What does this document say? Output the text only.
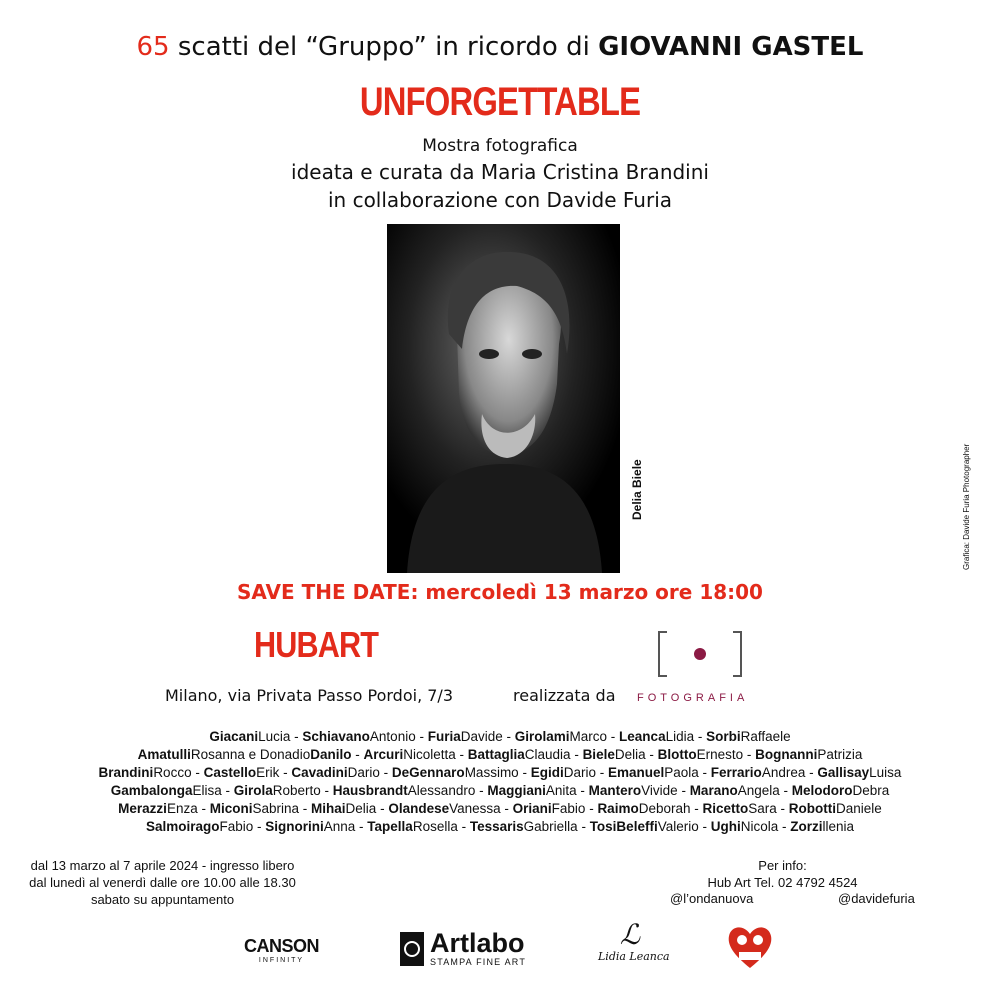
65 scatti del “Gruppo” in ricordo di GIOVANNI GASTEL
UNFORGETTABLE
Mostra fotografica
ideata e curata da Maria Cristina Brandini
in collaborazione con Davide Furia
Delia Biele	Grafica: Davide Furia Photographer
SAVE THE DATE: mercoledì 13 marzo ore 18:00
HUBART
Milano, via Privata Passo Pordoi, 7/3	realizzata da FOTOGRAFIA
GiacaniLucia - SchiavanoAntonio - FuriaDavide - GirolamiMarco - LeancaLidia - SorbiRaffaele
AmatulliRosanna e DonadioDanilo - ArcuriNicoletta - BattagliaClaudia - BieleDelia - BlottoErnesto - BognanniPatrizia
BrandiniRocco - CastelloErik - CavadiniDario - DeGennaroMassimo - EgidiDario - EmanuelPaola - FerrarioAndrea - GallisayLuisa
GambalongaElisa - GirolaRoberto - HausbrandtAlessandro - MaggianiAnita - ManteroVivide - MaranoAngela - MelodoroDebra
MerazziEnza - MiconiSabrina - MihaiDelia - OlandeseVanessa - OrianiFabio - RaimoDeborah - RicettoSara - RobottiDaniele
SalmoiragoFabio - SignoriniAnna - TapellaRosella - TessarisGabriella - TosiBeleffiValerio - UghiNicola - Zorzillenia
dal 13 marzo al 7 aprile 2024 - ingresso libero
dal lunedì al venerdì dalle ore 10.00 alle 18.30
sabato su appuntamento
Per info:
Hub Art Tel. 02 4792 4524
@l’ondanuova	@davidefuria
CANSON
INFINITY
Artlabo
STAMPA FINE ART
ℒ
Lidia Leanca
